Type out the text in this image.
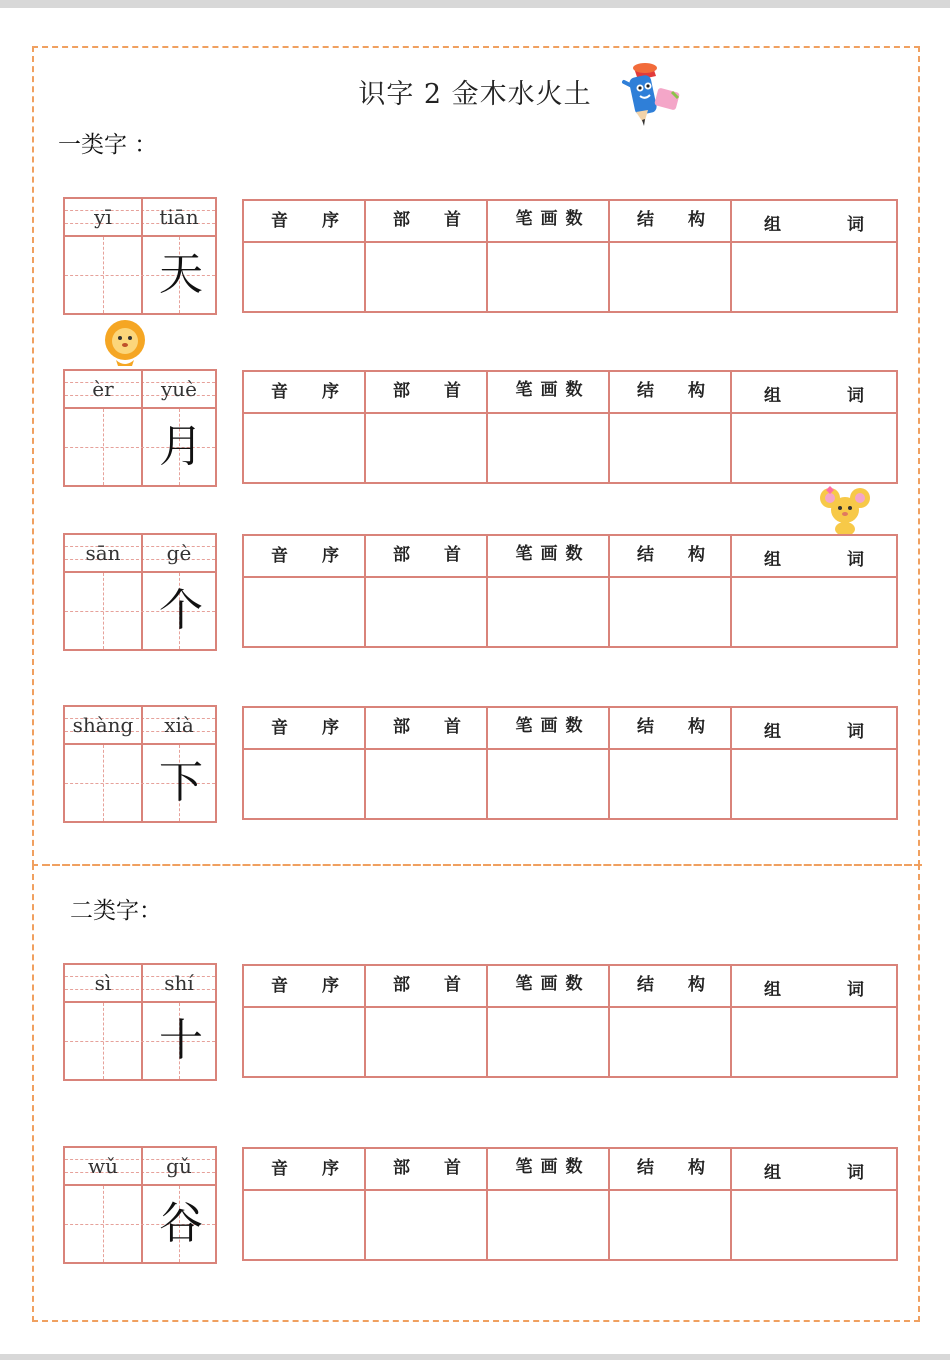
识字 2 金木水火土
一类字 ：
二类字：
yī	tiān
天
音 序	部 首	笔画数	结 构	组 词
èr	yuè
月
音 序	部 首	笔画数	结 构	组 词
sān	gè
个
音 序	部 首	笔画数	结 构	组 词
shàng	xià
下
音 序	部 首	笔画数	结 构	组 词
sì	shí
十
音 序	部 首	笔画数	结 构	组 词
wǔ	gǔ
谷
音 序	部 首	笔画数	结 构	组 词
